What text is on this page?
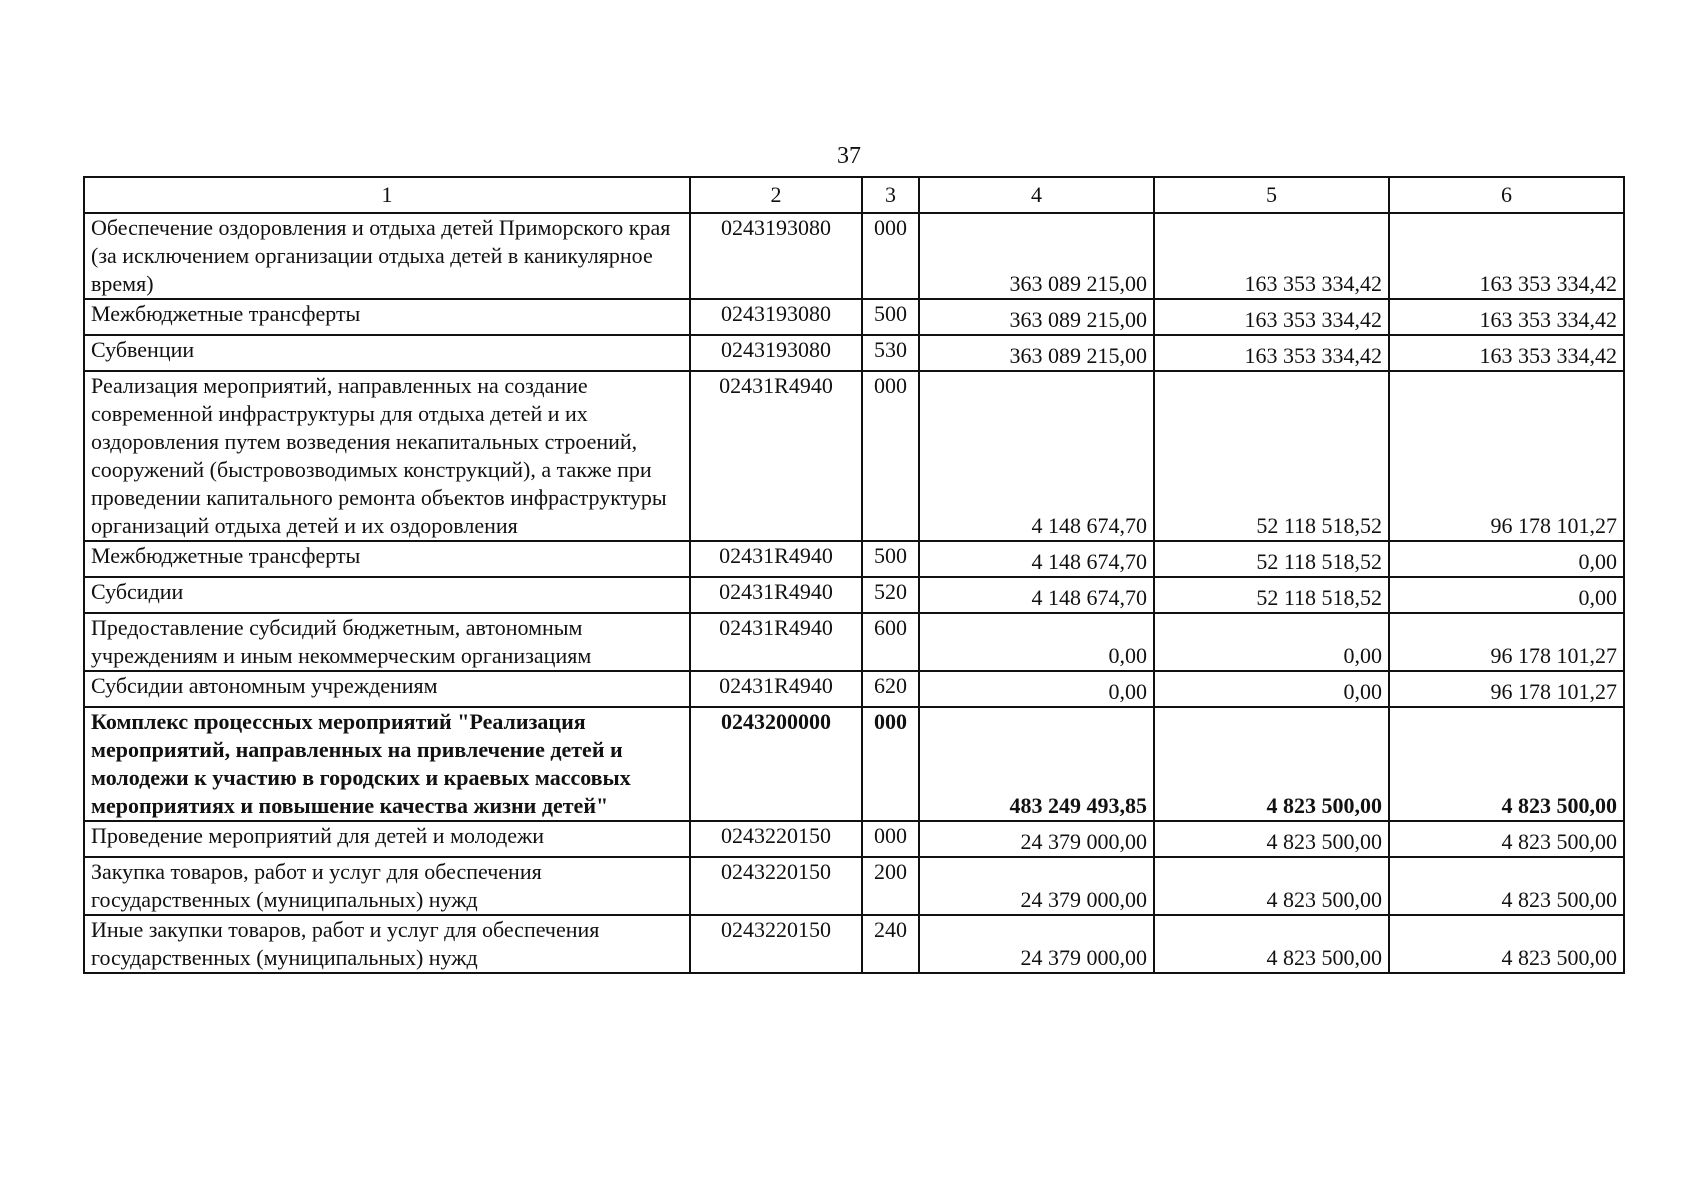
37
1	2	3	4	5	6
Обеспечение оздоровления и отдыха детей Приморского края (за исключением организации отдыха детей в каникулярное время)	0243193080	000	363 089 215,00	163 353 334,42	163 353 334,42
Межбюджетные трансферты	0243193080	500	363 089 215,00	163 353 334,42	163 353 334,42
Субвенции	0243193080	530	363 089 215,00	163 353 334,42	163 353 334,42
Реализация мероприятий, направленных на создание современной инфраструктуры для отдыха детей и их оздоровления путем возведения некапитальных строений, сооружений (быстровозводимых конструкций), а также при проведении капитального ремонта объектов инфраструктуры организаций отдыха детей и их оздоровления	02431R4940	000	4 148 674,70	52 118 518,52	96 178 101,27
Межбюджетные трансферты	02431R4940	500	4 148 674,70	52 118 518,52	0,00
Субсидии	02431R4940	520	4 148 674,70	52 118 518,52	0,00
Предоставление субсидий бюджетным, автономным учреждениям и иным некоммерческим организациям	02431R4940	600	0,00	0,00	96 178 101,27
Субсидии автономным учреждениям	02431R4940	620	0,00	0,00	96 178 101,27
Комплекс процессных мероприятий "Реализация мероприятий, направленных на привлечение детей и молодежи к участию в городских и краевых массовых мероприятиях и повышение качества жизни детей"	0243200000	000	483 249 493,85	4 823 500,00	4 823 500,00
Проведение мероприятий для детей и молодежи	0243220150	000	24 379 000,00	4 823 500,00	4 823 500,00
Закупка товаров, работ и услуг для обеспечения государственных (муниципальных) нужд	0243220150	200	24 379 000,00	4 823 500,00	4 823 500,00
Иные закупки товаров, работ и услуг для обеспечения государственных (муниципальных) нужд	0243220150	240	24 379 000,00	4 823 500,00	4 823 500,00
